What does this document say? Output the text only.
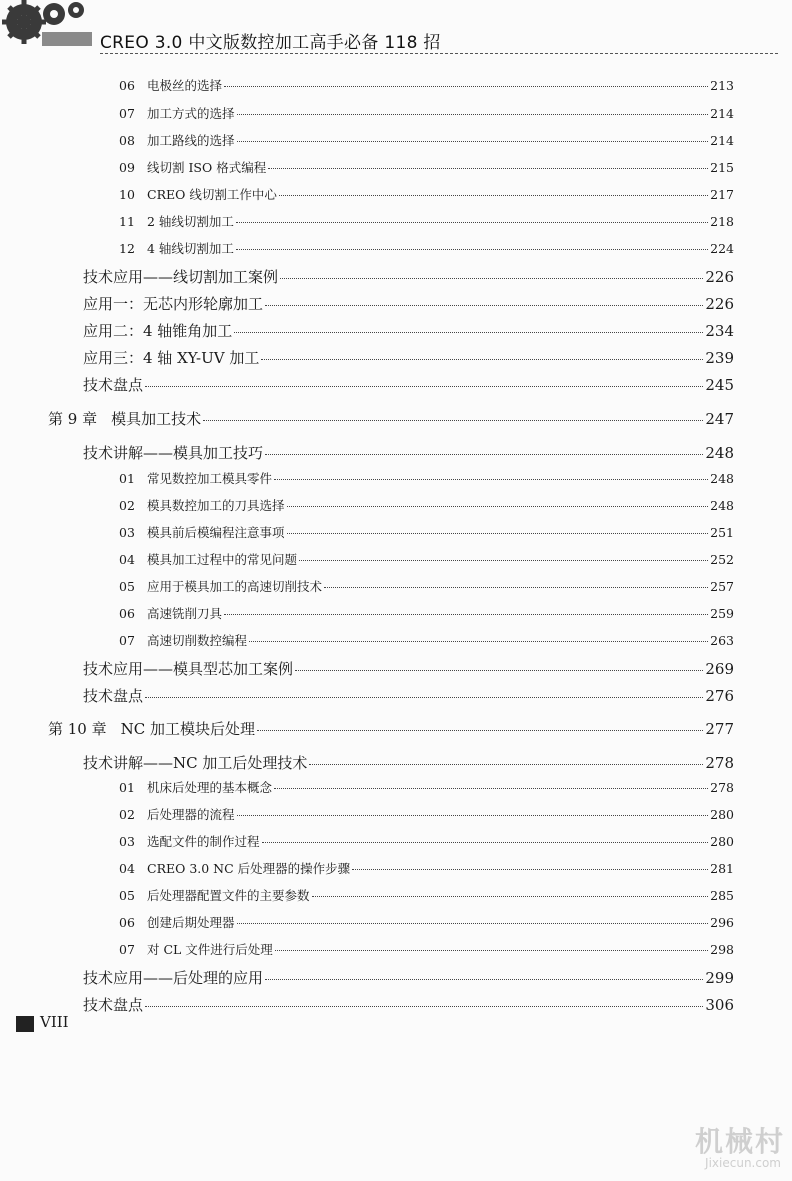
CREO 3.0 中文版数控加工高手必备 118 招
06 电极丝的选择	213
07 加工方式的选择	214
08 加工路线的选择	214
09 线切割 ISO 格式编程	215
10 CREO 线切割工作中心	217
11 2 轴线切割加工	218
12 4 轴线切割加工	224
技术应用——线切割加工案例	226
应用一：无芯内形轮廓加工	226
应用二：4 轴锥角加工	234
应用三：4 轴 XY-UV 加工	239
技术盘点	245
第 9 章 模具加工技术	247
技术讲解——模具加工技巧	248
01 常见数控加工模具零件	248
02 模具数控加工的刀具选择	248
03 模具前后模编程注意事项	251
04 模具加工过程中的常见问题	252
05 应用于模具加工的高速切削技术	257
06 高速铣削刀具	259
07 高速切削数控编程	263
技术应用——模具型芯加工案例	269
技术盘点	276
第 10 章 NC 加工模块后处理	277
技术讲解——NC 加工后处理技术	278
01 机床后处理的基本概念	278
02 后处理器的流程	280
03 选配文件的制作过程	280
04 CREO 3.0 NC 后处理器的操作步骤	281
05 后处理器配置文件的主要参数	285
06 创建后期处理器	296
07 对 CL 文件进行后处理	298
技术应用——后处理的应用	299
技术盘点	306
VIII
机械村
Jixiecun.com
